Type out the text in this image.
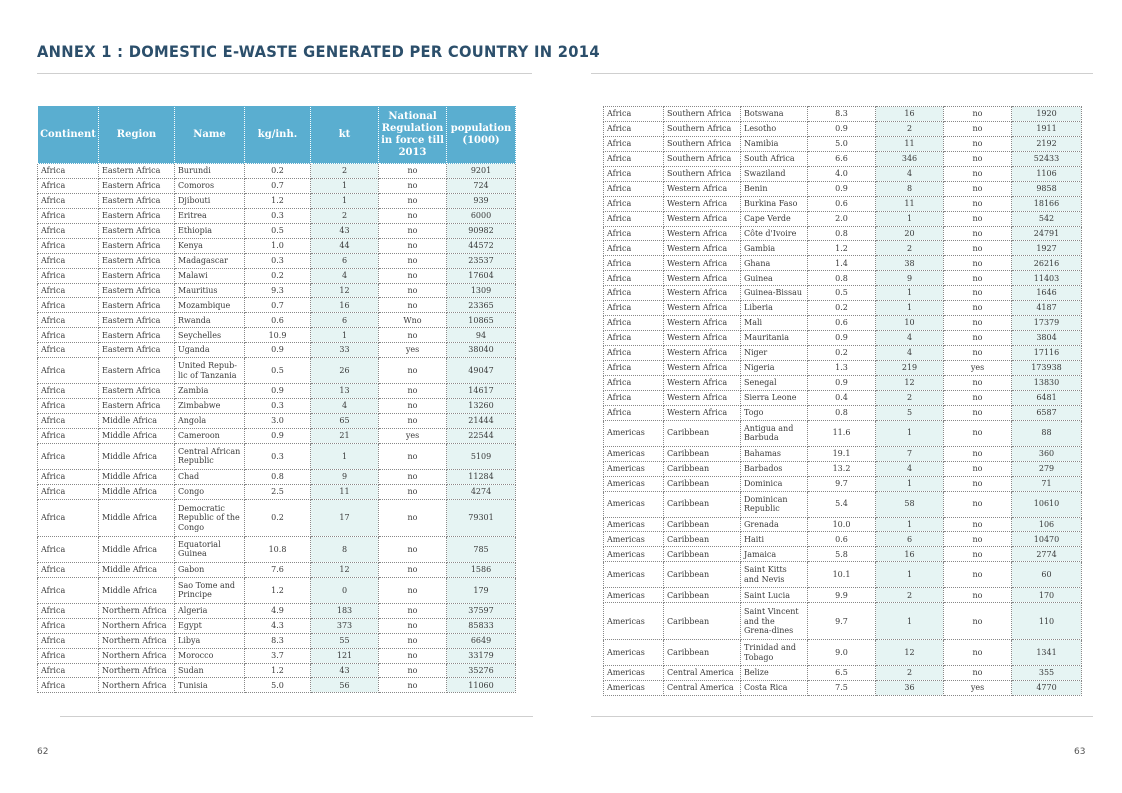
ANNEX 1 : DOMESTIC E-WASTE GENERATED PER COUNTRY IN 2014
Continent	Region	Name	kg/inh.	kt	National Regulation in force till 2013	population (1000)
Africa	Eastern Africa	Burundi	0.2	2	no	9201
Africa	Eastern Africa	Comoros	0.7	1	no	724
Africa	Eastern Africa	Djibouti	1.2	1	no	939
Africa	Eastern Africa	Eritrea	0.3	2	no	6000
Africa	Eastern Africa	Ethiopia	0.5	43	no	90982
Africa	Eastern Africa	Kenya	1.0	44	no	44572
Africa	Eastern Africa	Madagascar	0.3	6	no	23537
Africa	Eastern Africa	Malawi	0.2	4	no	17604
Africa	Eastern Africa	Mauritius	9.3	12	no	1309
Africa	Eastern Africa	Mozambique	0.7	16	no	23365
Africa	Eastern Africa	Rwanda	0.6	6	Wno	10865
Africa	Eastern Africa	Seychelles	10.9	1	no	94
Africa	Eastern Africa	Uganda	0.9	33	yes	38040
Africa	Eastern Africa	United Repub-lic of Tanzania	0.5	26	no	49047
Africa	Eastern Africa	Zambia	0.9	13	no	14617
Africa	Eastern Africa	Zimbabwe	0.3	4	no	13260
Africa	Middle Africa	Angola	3.0	65	no	21444
Africa	Middle Africa	Cameroon	0.9	21	yes	22544
Africa	Middle Africa	Central African Republic	0.3	1	no	5109
Africa	Middle Africa	Chad	0.8	9	no	11284
Africa	Middle Africa	Congo	2.5	11	no	4274
Africa	Middle Africa	Democratic Republic of the Congo	0.2	17	no	79301
Africa	Middle Africa	Equatorial Guinea	10.8	8	no	785
Africa	Middle Africa	Gabon	7.6	12	no	1586
Africa	Middle Africa	Sao Tome and Principe	1.2	0	no	179
Africa	Northern Africa	Algeria	4.9	183	no	37597
Africa	Northern Africa	Egypt	4.3	373	no	85833
Africa	Northern Africa	Libya	8.3	55	no	6649
Africa	Northern Africa	Morocco	3.7	121	no	33179
Africa	Northern Africa	Sudan	1.2	43	no	35276
Africa	Northern Africa	Tunisia	5.0	56	no	11060
62
Africa	Southern Africa	Botswana	8.3	16	no	1920
Africa	Southern Africa	Lesotho	0.9	2	no	1911
Africa	Southern Africa	Namibia	5.0	11	no	2192
Africa	Southern Africa	South Africa	6.6	346	no	52433
Africa	Southern Africa	Swaziland	4.0	4	no	1106
Africa	Western Africa	Benin	0.9	8	no	9858
Africa	Western Africa	Burkina Faso	0.6	11	no	18166
Africa	Western Africa	Cape Verde	2.0	1	no	542
Africa	Western Africa	Côte d'Ivoire	0.8	20	no	24791
Africa	Western Africa	Gambia	1.2	2	no	1927
Africa	Western Africa	Ghana	1.4	38	no	26216
Africa	Western Africa	Guinea	0.8	9	no	11403
Africa	Western Africa	Guinea-Bissau	0.5	1	no	1646
Africa	Western Africa	Liberia	0.2	1	no	4187
Africa	Western Africa	Mali	0.6	10	no	17379
Africa	Western Africa	Mauritania	0.9	4	no	3804
Africa	Western Africa	Niger	0.2	4	no	17116
Africa	Western Africa	Nigeria	1.3	219	yes	173938
Africa	Western Africa	Senegal	0.9	12	no	13830
Africa	Western Africa	Sierra Leone	0.4	2	no	6481
Africa	Western Africa	Togo	0.8	5	no	6587
Americas	Caribbean	Antigua and Barbuda	11.6	1	no	88
Americas	Caribbean	Bahamas	19.1	7	no	360
Americas	Caribbean	Barbados	13.2	4	no	279
Americas	Caribbean	Dominica	9.7	1	no	71
Americas	Caribbean	Dominican Republic	5.4	58	no	10610
Americas	Caribbean	Grenada	10.0	1	no	106
Americas	Caribbean	Haiti	0.6	6	no	10470
Americas	Caribbean	Jamaica	5.8	16	no	2774
Americas	Caribbean	Saint Kitts and Nevis	10.1	1	no	60
Americas	Caribbean	Saint Lucia	9.9	2	no	170
Americas	Caribbean	Saint Vincent and the Grena-dines	9.7	1	no	110
Americas	Caribbean	Trinidad and Tobago	9.0	12	no	1341
Americas	Central America	Belize	6.5	2	no	355
Americas	Central America	Costa Rica	7.5	36	yes	4770
63
